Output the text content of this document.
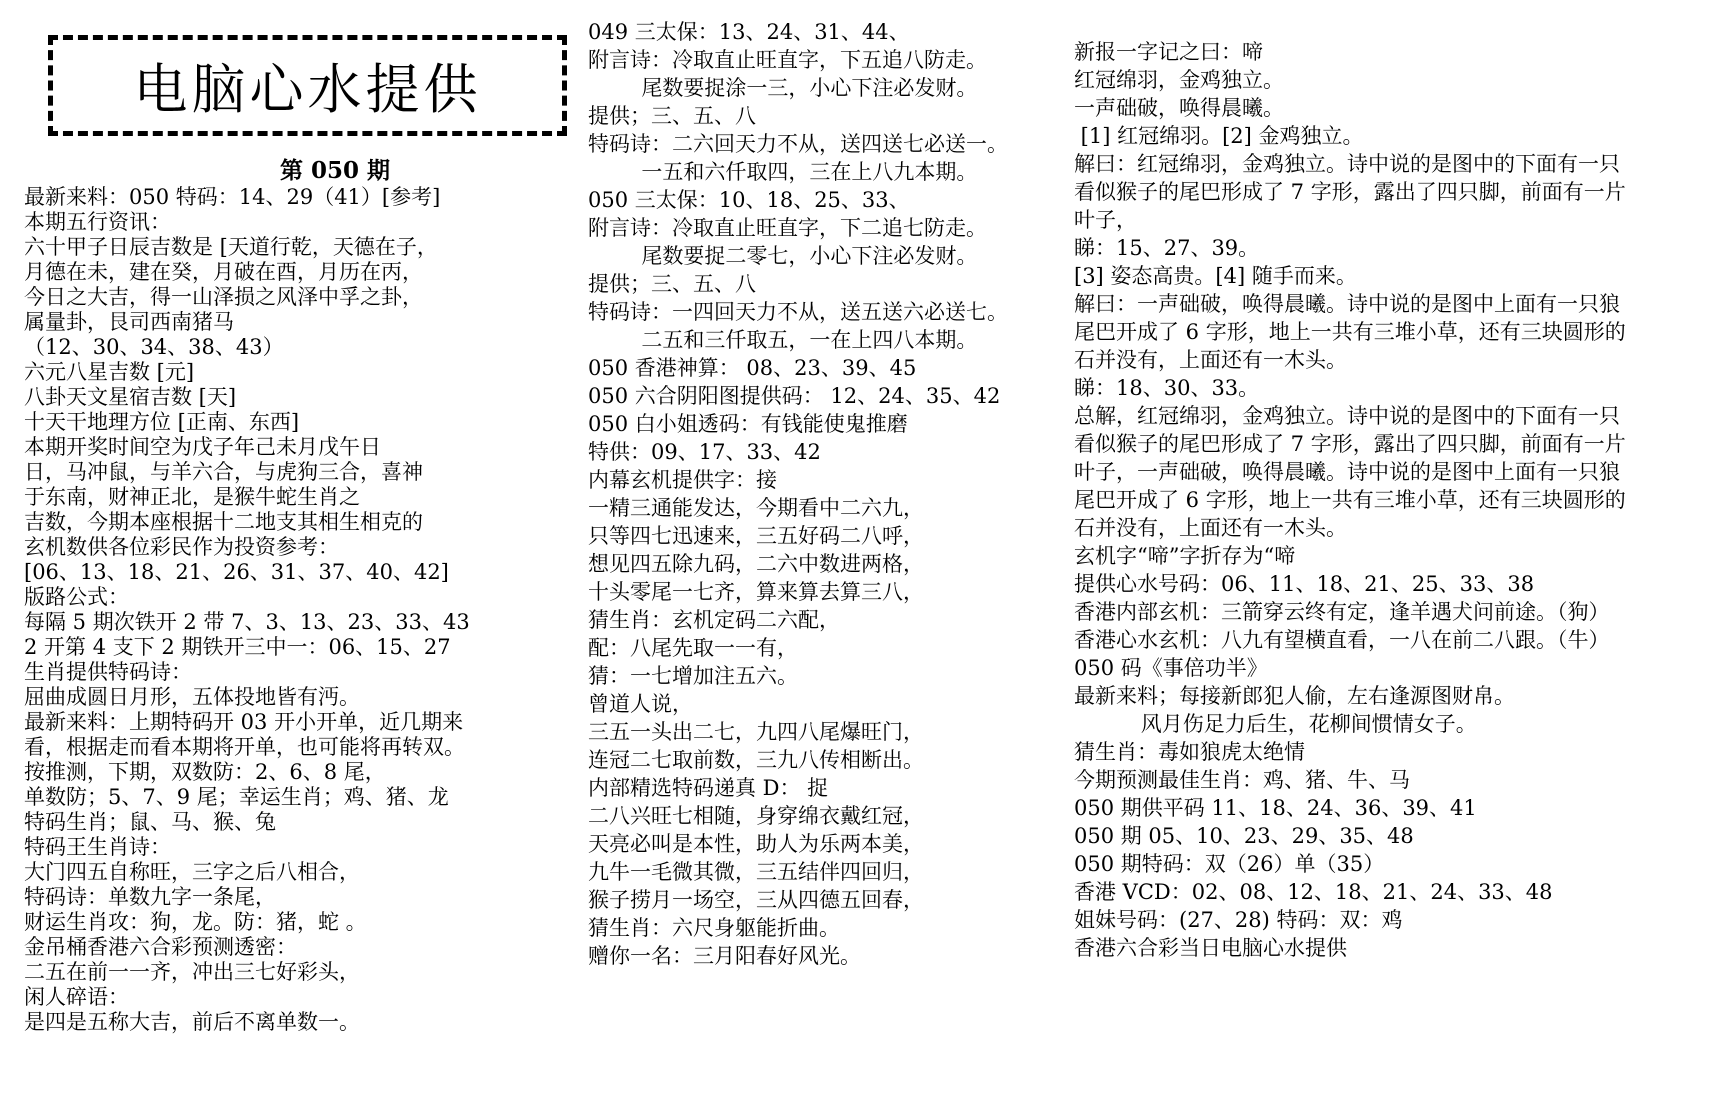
电脑心水提供
第 050 期
最新来料：050 特码：14、29（41）[参考]
本期五行资讯：
六十甲子日辰吉数是 [天道行乾，天德在子，
月德在未，建在癸，月破在酉，月历在丙，
今日之大吉，得一山泽损之风泽中孚之卦，
属量卦，艮司西南猪马
（12、30、34、38、43）
六元八星吉数 [元]
八卦天文星宿吉数 [天]
十天干地理方位 [正南、东西]
本期开奖时间空为戊子年己未月戊午日
日，马冲鼠，与羊六合，与虎狗三合，喜神
于东南，财神正北，是猴牛蛇生肖之
吉数，今期本座根据十二地支其相生相克的
玄机数供各位彩民作为投资参考：
[06、13、18、21、26、31、37、40、42]
版路公式：
每隔 5 期次铁开 2 带 7、3、13、23、33、43
2 开第 4 支下 2 期铁开三中一：06、15、27
生肖提供特码诗：
屈曲成圆日月形，五体投地皆有沔。
最新来料：上期特码开 03 开小开单，近几期来
看，根据走而看本期将开单，也可能将再转双。
按推测，下期，双数防：2、6、8 尾，
单数防；5、7、9 尾；幸运生肖；鸡、猪、龙
特码生肖；鼠、马、猴、兔
特码王生肖诗：
大门四五自称旺，三字之后八相合，
特码诗：单数九字一条尾，
财运生肖攻：狗，龙。防：猪，蛇 。
金吊桶香港六合彩预测透密：
二五在前一一齐，冲出三七好彩头，
闲人碎语：
是四是五称大吉，前后不离单数一。
049 三太保：13、24、31、44、
附言诗：冷取直止旺直字，下五追八防走。
尾数要捉涂一三，小心下注必发财。
提供；三、五、八
特码诗：二六回天力不从，送四送七必送一。
一五和六仟取四，三在上八九本期。
050 三太保：10、18、25、33、
附言诗：冷取直止旺直字，下二追七防走。
尾数要捉二零七，小心下注必发财。
提供；三、五、八
特码诗：一四回天力不从，送五送六必送七。
二五和三仟取五，一在上四八本期。
050 香港神算： 08、23、39、45
050 六合阴阳图提供码： 12、24、35、42
050 白小姐透码：有钱能使鬼推磨
特供：09、17、33、42
内幕玄机提供字：接
一精三通能发达，今期看中二六九，
只等四七迅速来，三五好码二八呼，
想见四五除九码，二六中数进两格，
十头零尾一七齐，算来算去算三八，
猜生肖：玄机定码二六配，
配：八尾先取一一有，
猜：一七增加注五六。
曾道人说，
三五一头出二七，九四八尾爆旺门，
连冠二七取前数，三九八传相断出。
内部精选特码递真 D： 捉
二八兴旺七相随，身穿绵衣戴红冠，
天亮必叫是本性，助人为乐两本美，
九牛一毛微其微，三五结伴四回归，
猴子捞月一场空，三从四德五回春，
猜生肖：六尺身躯能折曲。
赠你一名：三月阳春好风光。
新报一字记之曰：啼
红冠绵羽，金鸡独立。
一声础破，唤得晨曦。
[1] 红冠绵羽。[2] 金鸡独立。
解曰：红冠绵羽，金鸡独立。诗中说的是图中的下面有一只
看似猴子的尾巴形成了 7 字形，露出了四只脚，前面有一片
叶子，
睇：15、27、39。
[3] 姿态高贵。[4] 随手而来。
解曰：一声础破，唤得晨曦。诗中说的是图中上面有一只狼
尾巴开成了 6 字形，地上一共有三堆小草，还有三块圆形的
石并没有，上面还有一木头。
睇：18、30、33。
总解，红冠绵羽，金鸡独立。诗中说的是图中的下面有一只
看似猴子的尾巴形成了 7 字形，露出了四只脚，前面有一片
叶子，一声础破，唤得晨曦。诗中说的是图中上面有一只狼
尾巴开成了 6 字形，地上一共有三堆小草，还有三块圆形的
石并没有，上面还有一木头。
玄机字“啼”字折存为“啼
提供心水号码：06、11、18、21、25、33、38
香港内部玄机：三箭穿云终有定，逢羊遇犬问前途。（狗）
香港心水玄机：八九有望横直看，一八在前二八跟。（牛）
050 码《事倍功半》
最新来料；每接新郎犯人偷，左右逢源图财帛。
风月伤足力后生，花柳间惯情女子。
猜生肖：毒如狼虎太绝情
今期预测最佳生肖：鸡、猪、牛、马
050 期供平码 11、18、24、36、39、41
050 期 05、10、23、29、35、48
050 期特码：双（26）单（35）
香港 VCD：02、08、12、18、21、24、33、48
姐妹号码：(27、28) 特码：双：鸡
香港六合彩当日电脑心水提供
